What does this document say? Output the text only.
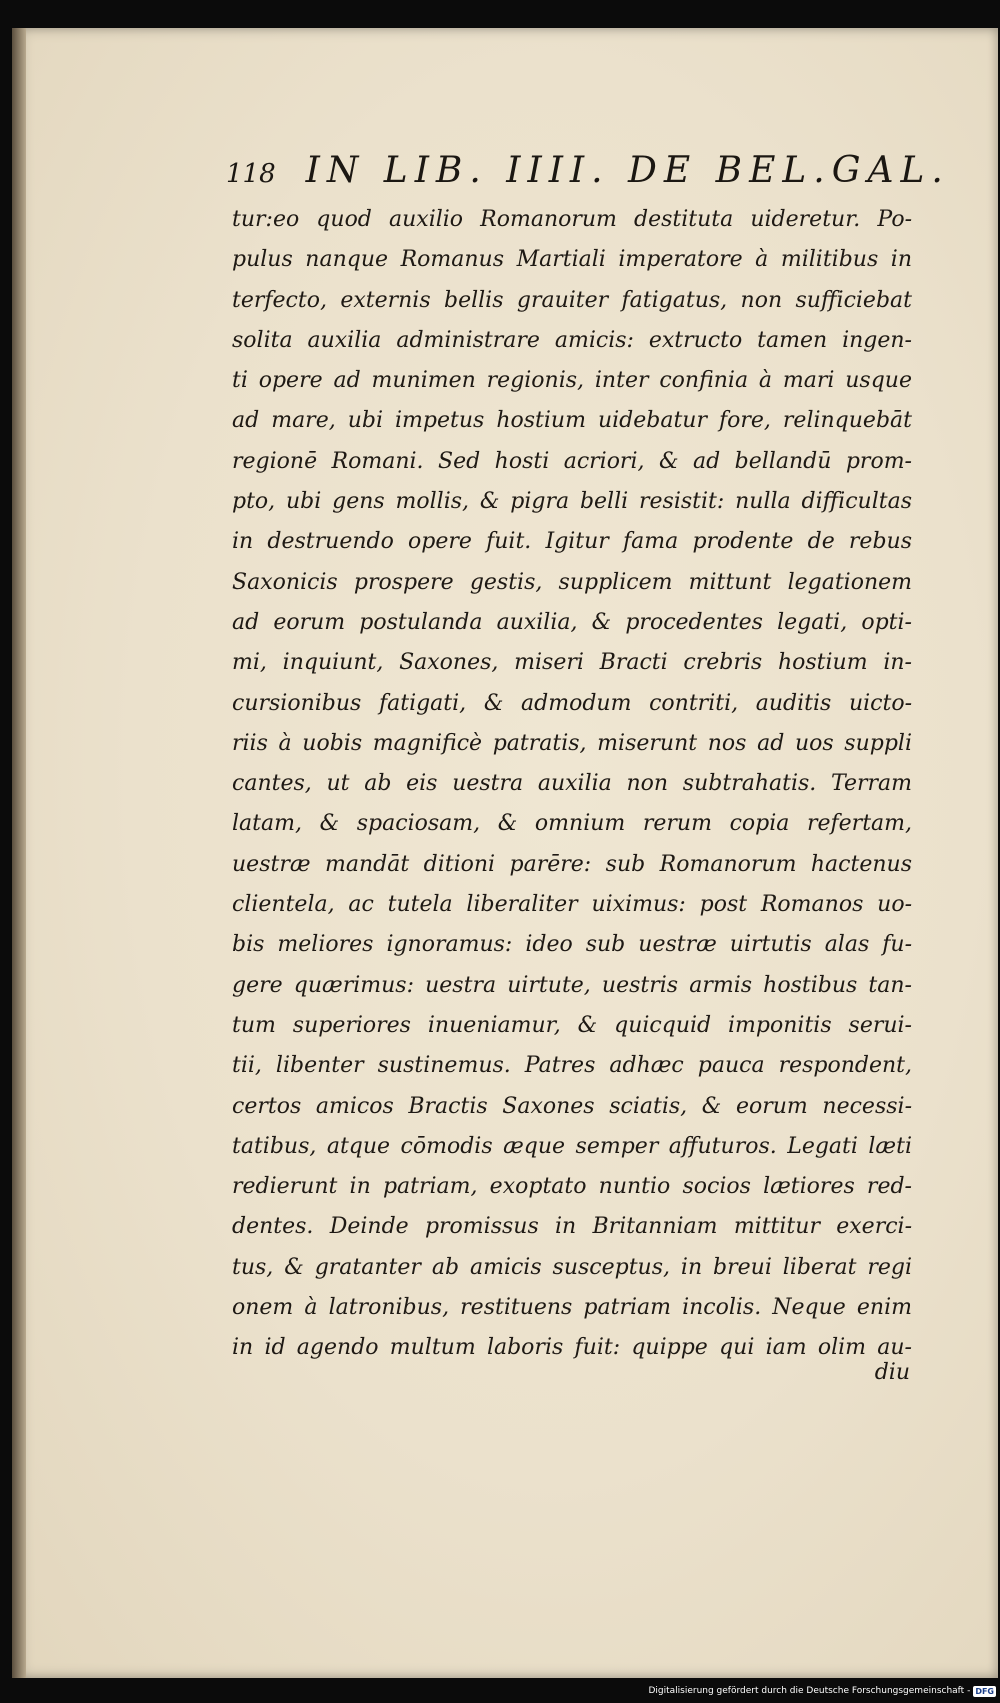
118 IN LIB. IIII. DE BEL.GAL.
tur:eo quod auxilio Romanorum destituta uideretur. Po-
pulus nanque Romanus Martiali imperatore à militibus in
terfecto, externis bellis grauiter fatigatus, non sufficiebat
solita auxilia administrare amicis: extructo tamen ingen-
ti opere ad munimen regionis, inter confinia à mari usque
ad mare, ubi impetus hostium uidebatur fore, relinquebāt
regionē Romani. Sed hosti acriori, & ad bellandū prom-
pto, ubi gens mollis, & pigra belli resistit: nulla difficultas
in destruendo opere fuit. Igitur fama prodente de rebus
Saxonicis prospere gestis, supplicem mittunt legationem
ad eorum postulanda auxilia, & procedentes legati, opti-
mi, inquiunt, Saxones, miseri Bracti crebris hostium in-
cursionibus fatigati, & admodum contriti, auditis uicto-
riis à uobis magnificè patratis, miserunt nos ad uos suppli
cantes, ut ab eis uestra auxilia non subtrahatis. Terram
latam, & spaciosam, & omnium rerum copia refertam,
uestræ mandāt ditioni parēre: sub Romanorum hactenus
clientela, ac tutela liberaliter uiximus: post Romanos uo-
bis meliores ignoramus: ideo sub uestræ uirtutis alas fu-
gere quærimus: uestra uirtute, uestris armis hostibus tan-
tum superiores inueniamur, & quicquid imponitis serui-
tii, libenter sustinemus. Patres adhæc pauca respondent,
certos amicos Bractis Saxones sciatis, & eorum necessi-
tatibus, atque cōmodis æque semper affuturos. Legati læti
redierunt in patriam, exoptato nuntio socios lætiores red-
dentes. Deinde promissus in Britanniam mittitur exerci-
tus, & gratanter ab amicis susceptus, in breui liberat regi
onem à latronibus, restituens patriam incolis. Neque enim
in id agendo multum laboris fuit: quippe qui iam olim au-
diu
Digitalisierung gefördert durch die Deutsche Forschungsgemeinschaft - DFG
